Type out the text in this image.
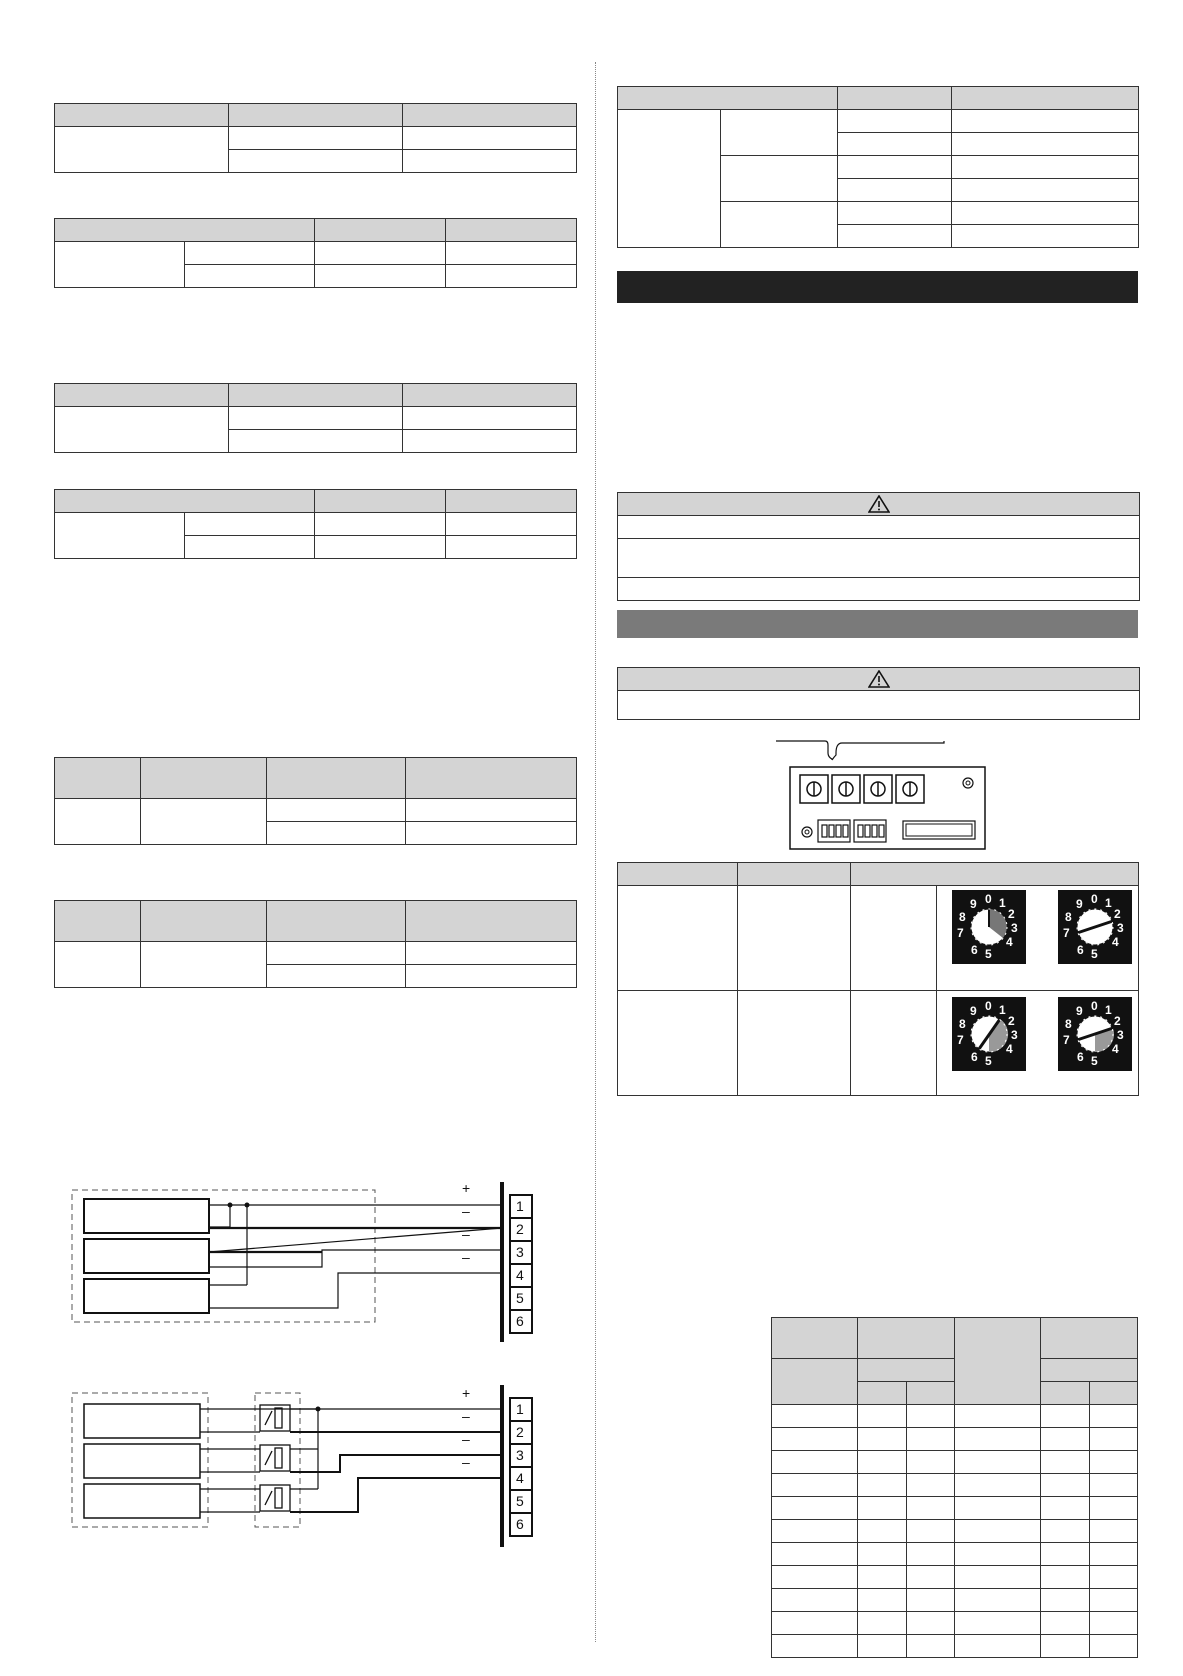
+
–
–
–
1
2
3
4
5
6
+
–
–
–
1
2
3
4
5
6

0 1
2
3
4
5
6
7
8
9	0 1
2
3
4
5
6
7
8
9
0 1
2
3
4
5
6
7
8
9	0 1
2
3
4
5
6
7
8
9
